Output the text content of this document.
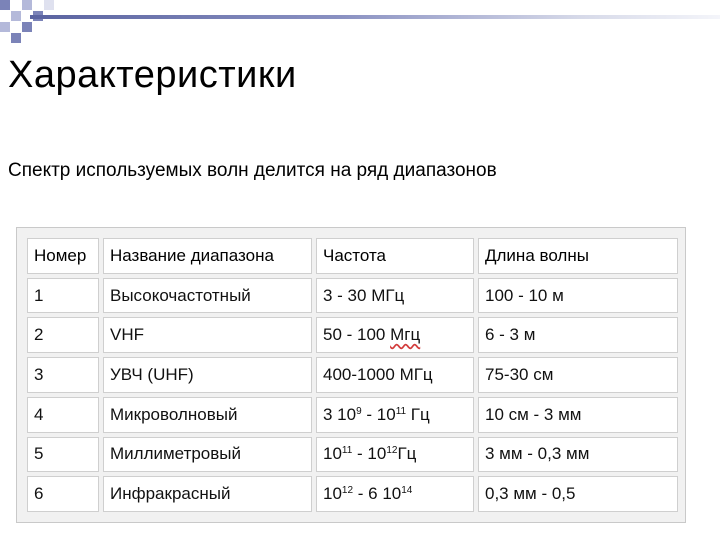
Характеристики
Спектр используемых волн делится на ряд диапазонов
Номер	Название диапазона	Частота	Длина волны
1	Высокочастотный	3 - 30 МГц	100 - 10 м
2	VHF	50 - 100 Мгц	6 - 3 м
3	УВЧ (UHF)	400-1000 МГц	75-30 см
4	Микроволновый	3 $10^9 - 10^{11}$ Гц	10 см - 3 мм
5	Миллиметровый	$10^{11} - 10^{12}Гц$	3 мм - 0,3 мм
6	Инфракрасный	$10^{12} - 6$ $10^{14}$	0,3 мм - 0,5
